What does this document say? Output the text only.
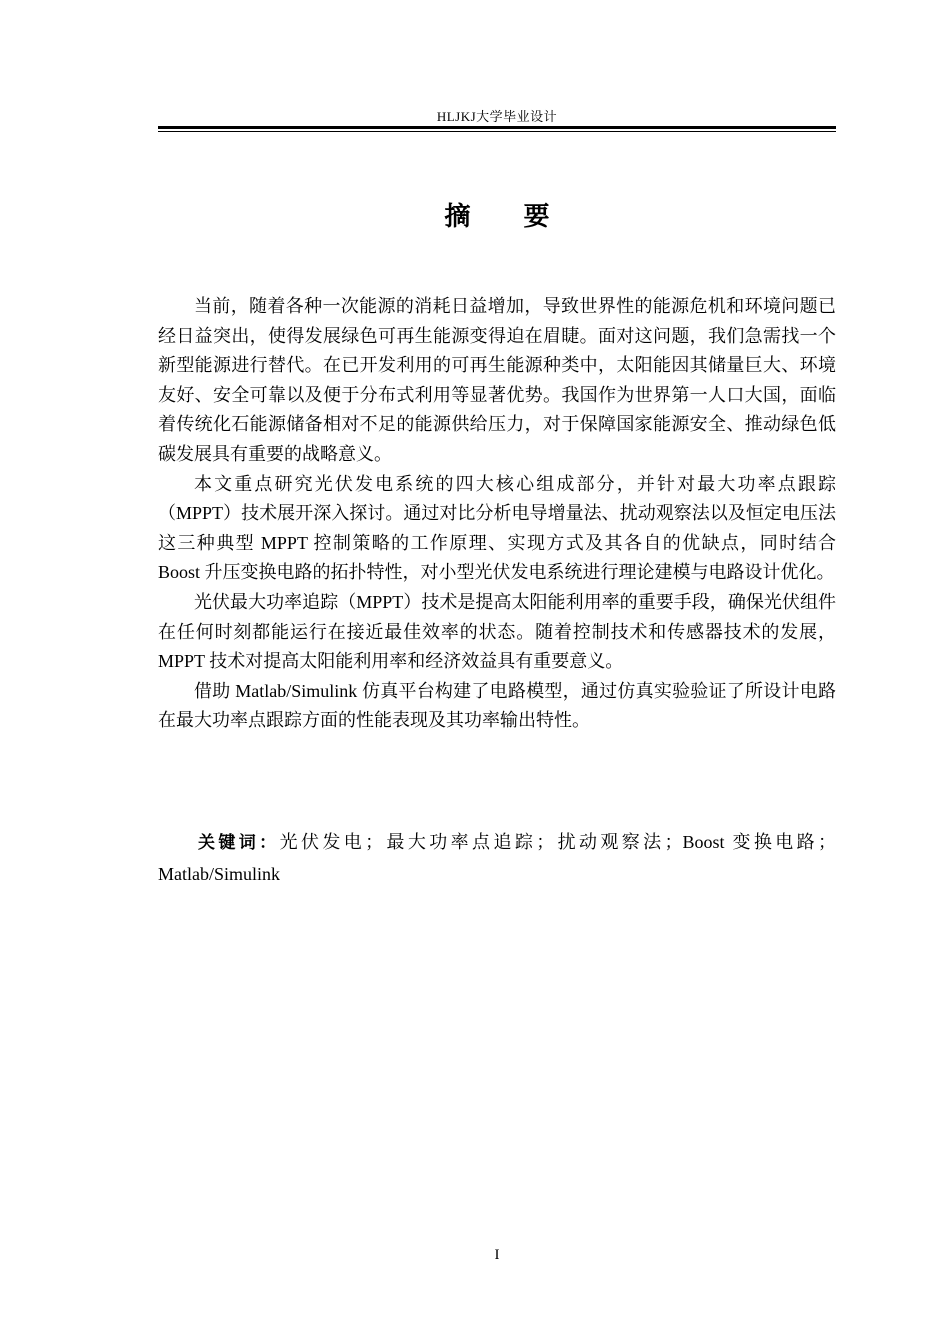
HLJKJ大学毕业设计
摘 要

当前，随着各种一次能源的消耗日益增加，导致世界性的能源危机和环境问题已经日益突出，使得发展绿色可再生能源变得迫在眉睫。面对这问题，我们急需找一个新型能源进行替代。在已开发利用的可再生能源种类中，太阳能因其储量巨大、环境友好、安全可靠以及便于分布式利用等显著优势。我国作为世界第一人口大国，面临着传统化石能源储备相对不足的能源供给压力，对于保障国家能源安全、推动绿色低碳发展具有重要的战略意义。

本文重点研究光伏发电系统的四大核心组成部分，并针对最大功率点跟踪（MPPT）技术展开深入探讨。通过对比分析电导增量法、扰动观察法以及恒定电压法这三种典型 MPPT 控制策略的工作原理、实现方式及其各自的优缺点，同时结合 Boost 升压变换电路的拓扑特性，对小型光伏发电系统进行理论建模与电路设计优化。

光伏最大功率追踪（MPPT）技术是提高太阳能利用率的重要手段，确保光伏组件在任何时刻都能运行在接近最佳效率的状态。随着控制技术和传感器技术的发展，MPPT 技术对提高太阳能利用率和经济效益具有重要意义。

借助 Matlab/Simulink 仿真平台构建了电路模型，通过仿真实验验证了所设计电路在最大功率点跟踪方面的性能表现及其功率输出特性。

关键词：光伏发电；最大功率点追踪；扰动观察法；Boost 变换电路；Matlab/Simulink
I
